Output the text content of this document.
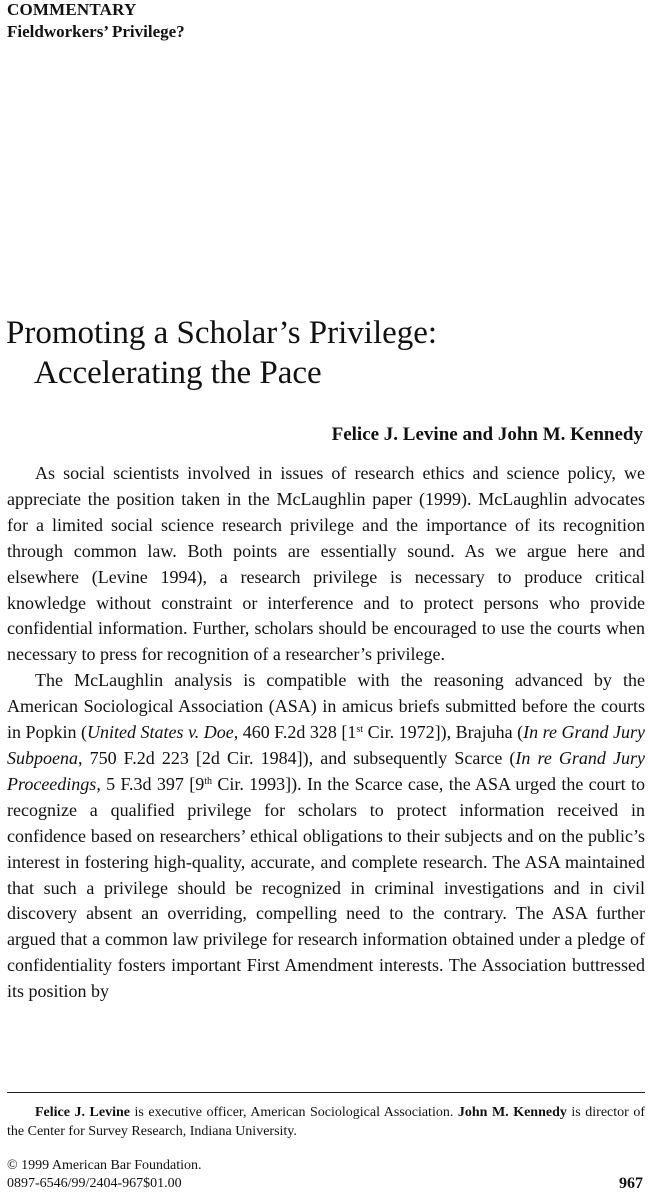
COMMENTARY
Fieldworkers’ Privilege?
Promoting a Scholar’s Privilege:
Accelerating the Pace
Felice J. Levine and John M. Kennedy

As social scientists involved in issues of research ethics and science policy, we appreciate the position taken in the McLaughlin paper (1999). McLaughlin advocates for a limited social science research privilege and the importance of its recognition through common law. Both points are essentially sound. As we argue here and elsewhere (Levine 1994), a research privilege is necessary to produce critical knowledge without constraint or interference and to protect persons who provide confidential information. Further, scholars should be encouraged to use the courts when necessary to press for recognition of a researcher’s privilege.

The McLaughlin analysis is compatible with the reasoning advanced by the American Sociological Association (ASA) in amicus briefs submitted before the courts in Popkin (United States v. Doe, 460 F.2d 328 [1st Cir. 1972]), Brajuha (In re Grand Jury Subpoena, 750 F.2d 223 [2d Cir. 1984]), and subsequently Scarce (In re Grand Jury Proceedings, 5 F.3d 397 [9th Cir. 1993]). In the Scarce case, the ASA urged the court to recognize a qualified privilege for scholars to protect information received in confidence based on researchers’ ethical obligations to their subjects and on the public’s interest in fostering high-quality, accurate, and complete research. The ASA maintained that such a privilege should be recognized in criminal investigations and in civil discovery absent an overriding, compelling need to the contrary. The ASA further argued that a common law privilege for research information obtained under a pledge of confidentiality fosters important First Amendment interests. The Association buttressed its position by

Felice J. Levine is executive officer, American Sociological Association. John M. Kennedy is director of the Center for Survey Research, Indiana University.

© 1999 American Bar Foundation.
0897-6546/99/2404-967$01.00	967
